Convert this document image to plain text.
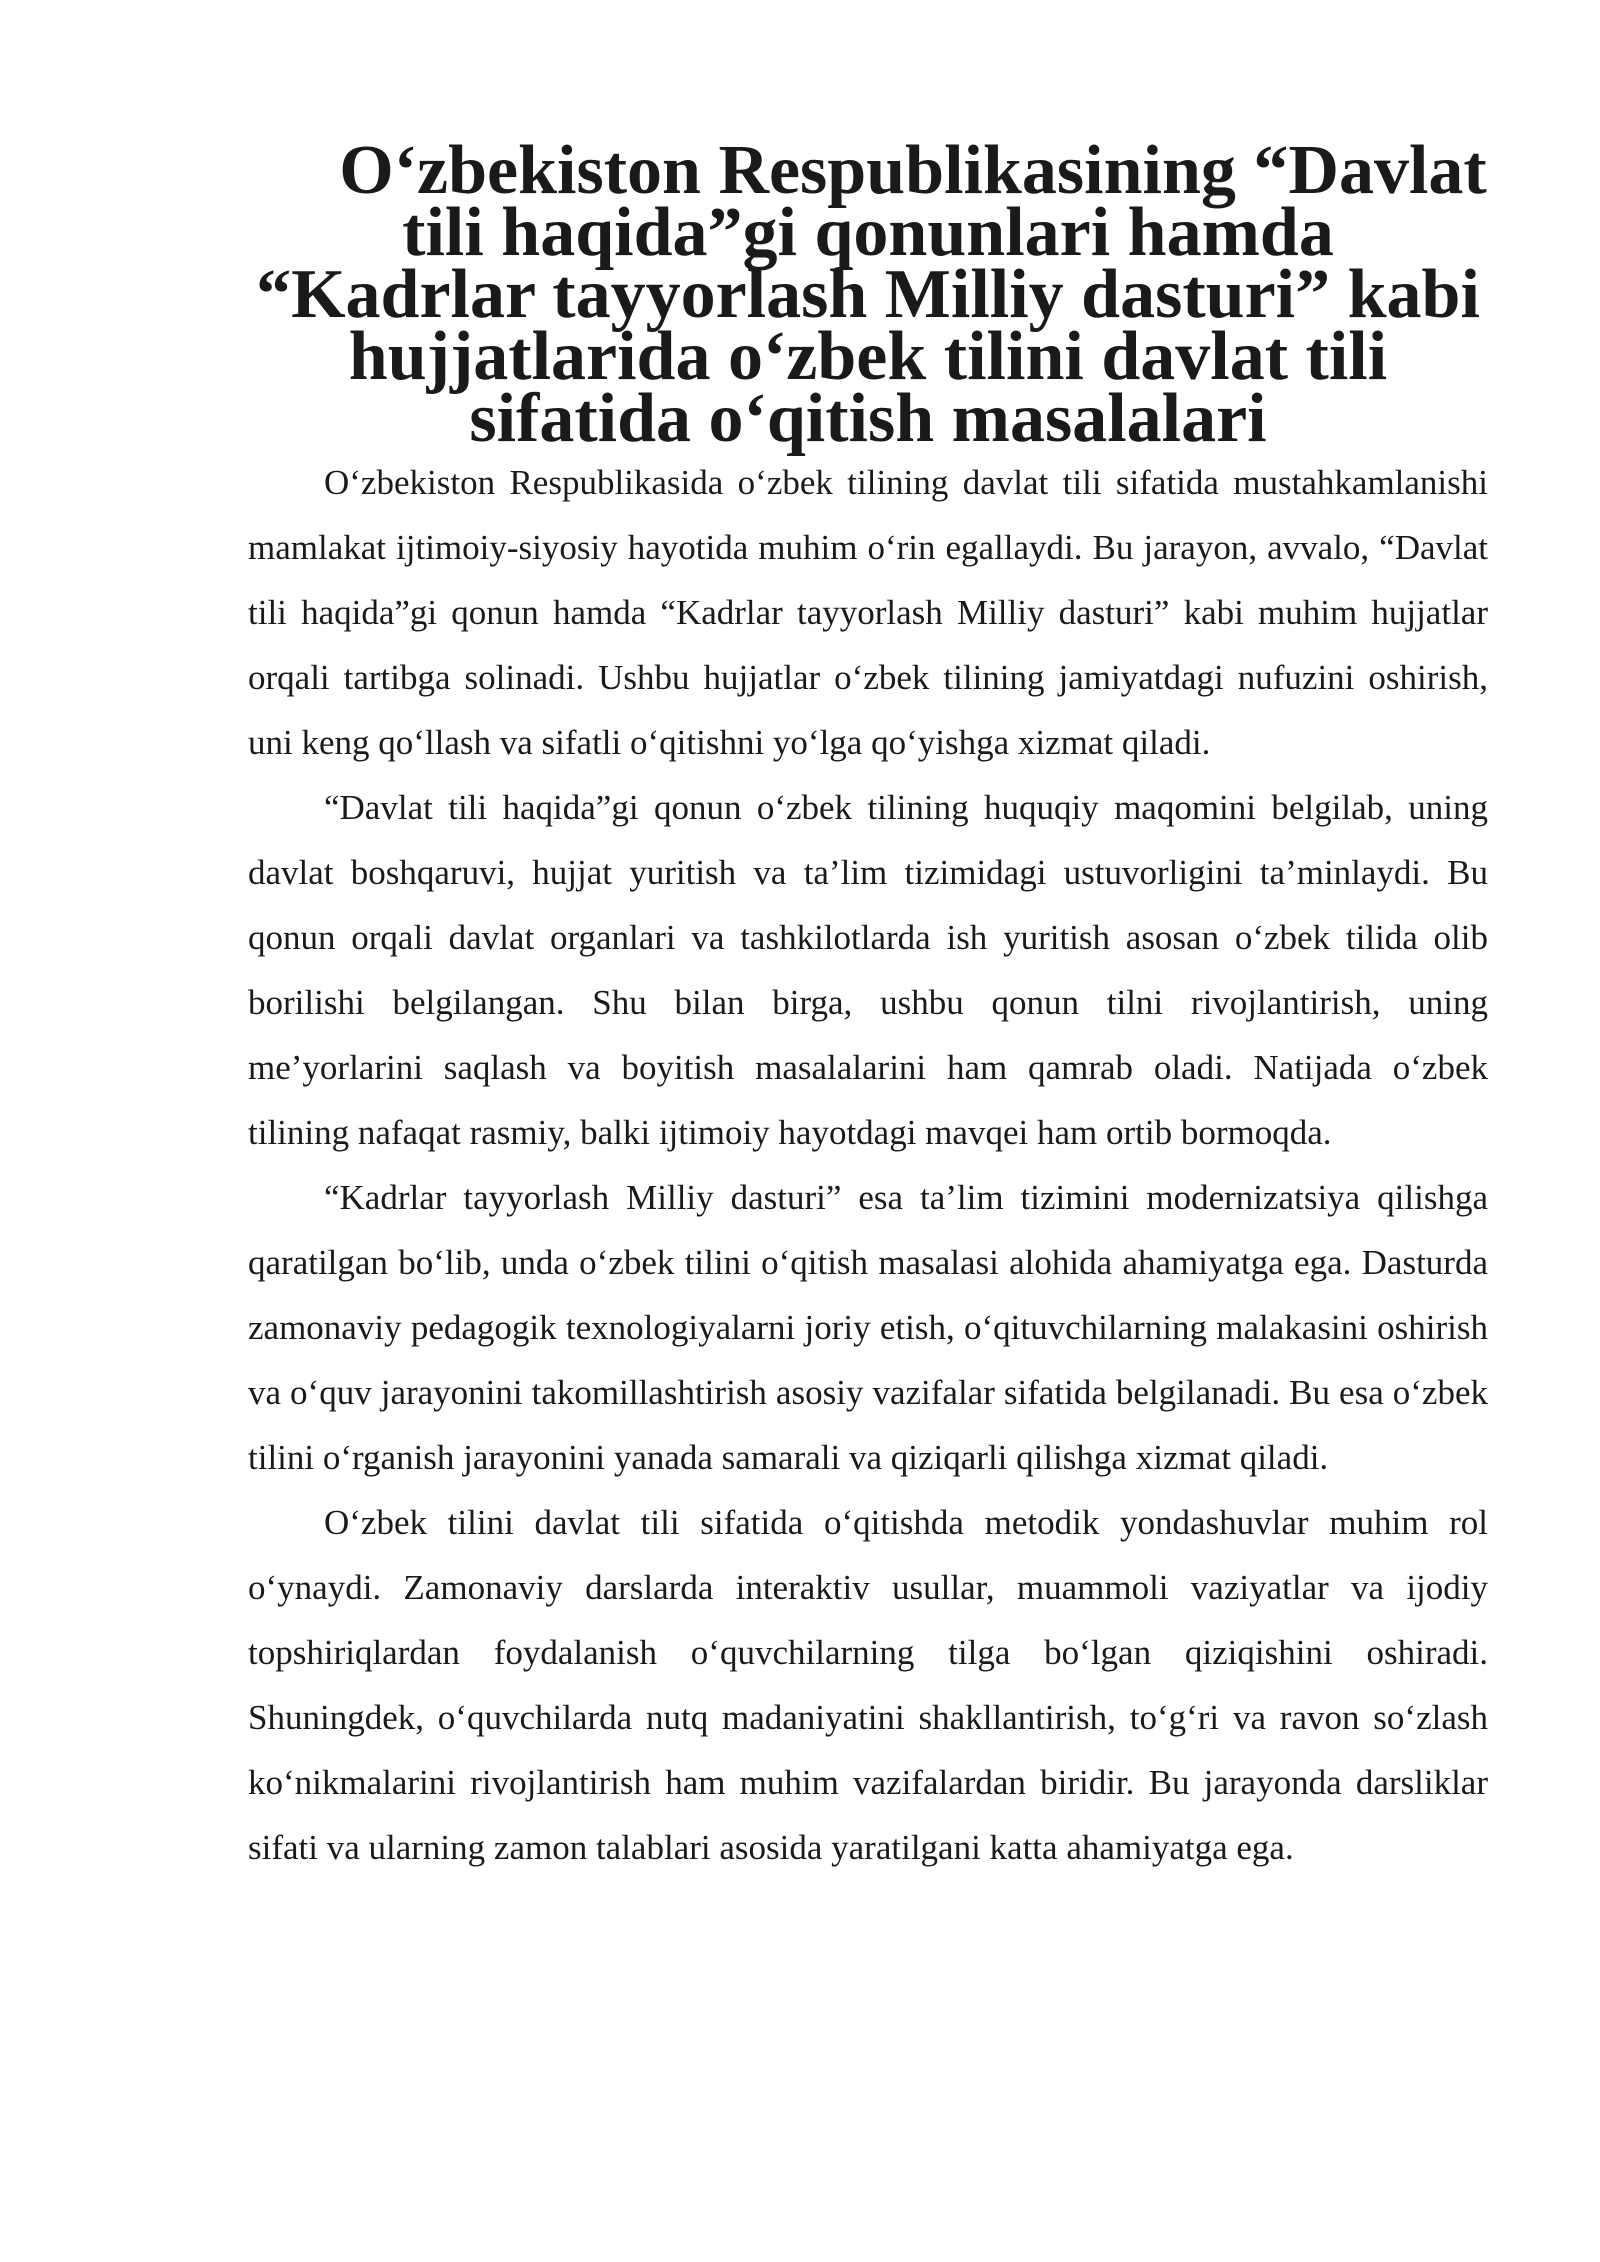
O‘zbekiston Respublikasining “Davlat tili haqida”gi qonunlari hamda
“Kadrlar tayyorlash Milliy dasturi” kabi hujjatlarida o‘zbek tilini davlat tili
sifatida o‘qitish masalalari

O‘zbekiston Respublikasida o‘zbek tilining davlat tili sifatida mustahkamlanishi mamlakat ijtimoiy-siyosiy hayotida muhim o‘rin egallaydi. Bu jarayon, avvalo, “Davlat tili haqida”gi qonun hamda “Kadrlar tayyorlash Milliy dasturi” kabi muhim hujjatlar orqali tartibga solinadi. Ushbu hujjatlar o‘zbek tilining jamiyatdagi nufuzini oshirish, uni keng qo‘llash va sifatli o‘qitishni yo‘lga qo‘yishga xizmat qiladi.

“Davlat tili haqida”gi qonun o‘zbek tilining huquqiy maqomini belgilab, uning davlat boshqaruvi, hujjat yuritish va ta’lim tizimidagi ustuvorligini ta’minlaydi. Bu qonun orqali davlat organlari va tashkilotlarda ish yuritish asosan o‘zbek tilida olib borilishi belgilangan. Shu bilan birga, ushbu qonun tilni rivojlantirish, uning me’yorlarini saqlash va boyitish masalalarini ham qamrab oladi. Natijada o‘zbek tilining nafaqat rasmiy, balki ijtimoiy hayotdagi mavqei ham ortib bormoqda.

“Kadrlar tayyorlash Milliy dasturi” esa ta’lim tizimini modernizatsiya qilishga qaratilgan bo‘lib, unda o‘zbek tilini o‘qitish masalasi alohida ahamiyatga ega. Dasturda zamonaviy pedagogik texnologiyalarni joriy etish, o‘qituvchilarning malakasini oshirish va o‘quv jarayonini takomillashtirish asosiy vazifalar sifatida belgilanadi. Bu esa o‘zbek tilini o‘rganish jarayonini yanada samarali va qiziqarli qilishga xizmat qiladi.

O‘zbek tilini davlat tili sifatida o‘qitishda metodik yondashuvlar muhim rol o‘ynaydi. Zamonaviy darslarda interaktiv usullar, muammoli vaziyatlar va ijodiy topshiriqlardan foydalanish o‘quvchilarning tilga bo‘lgan qiziqishini oshiradi. Shuningdek, o‘quvchilarda nutq madaniyatini shakllantirish, to‘g‘ri va ravon so‘zlash ko‘nikmalarini rivojlantirish ham muhim vazifalardan biridir. Bu jarayonda darsliklar sifati va ularning zamon talablari asosida yaratilgani katta ahamiyatga ega.
